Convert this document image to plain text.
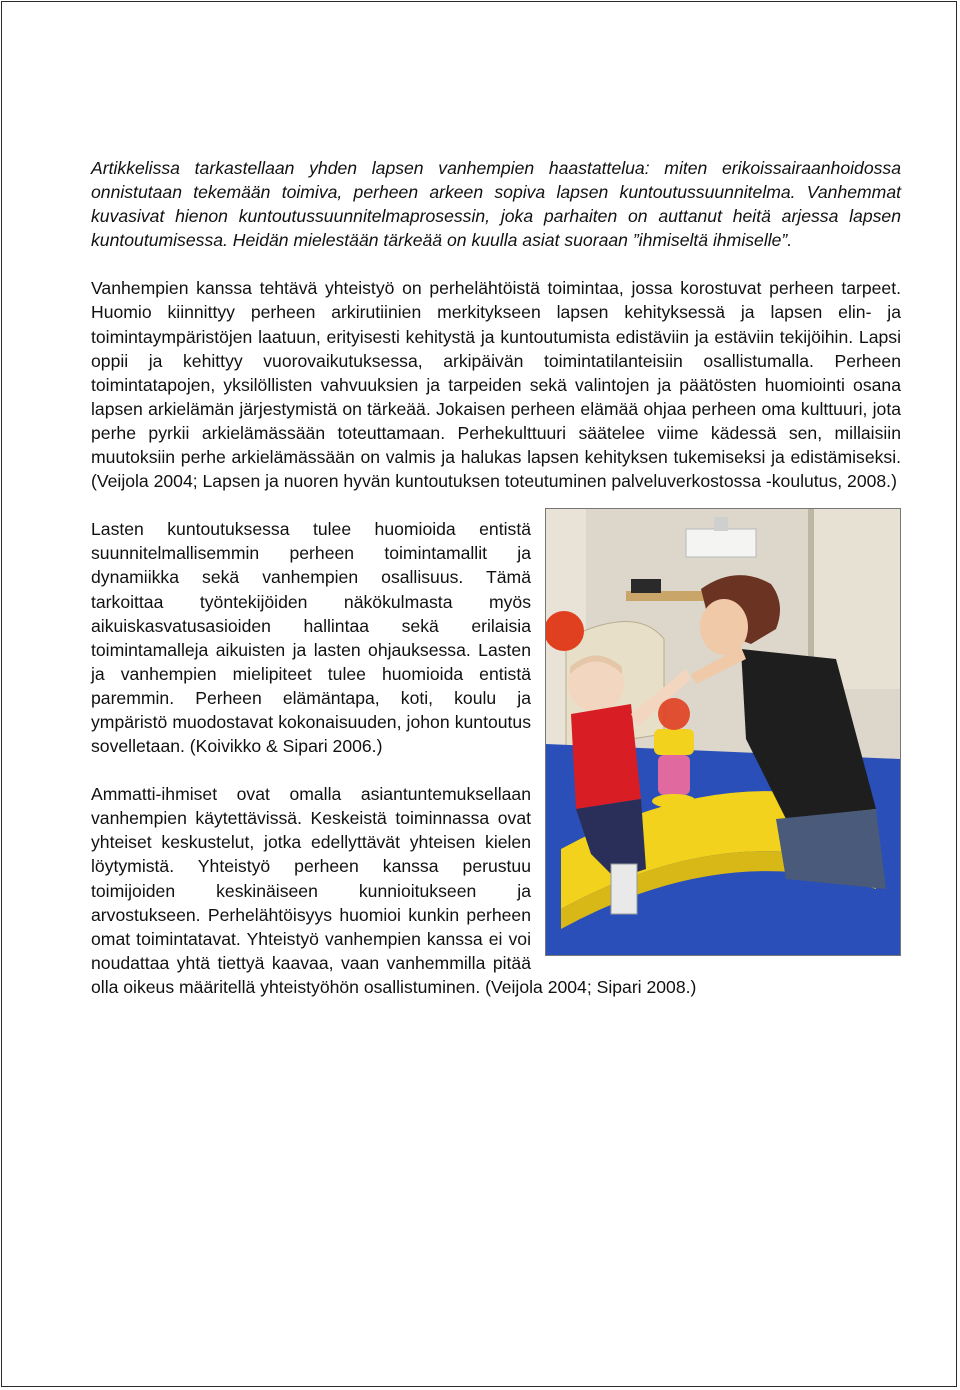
Artikkelissa tarkastellaan yhden lapsen vanhempien haastattelua: miten erikoissairaanhoidossa onnistutaan tekemään toimiva, perheen arkeen sopiva lapsen kuntoutussuunnitelma. Vanhemmat kuvasivat hienon kuntoutussuunnitelmaprosessin, joka parhaiten on auttanut heitä arjessa lapsen kuntoutumisessa. Heidän mielestään tärkeää on kuulla asiat suoraan ”ihmiseltä ihmiselle”.

Vanhempien kanssa tehtävä yhteistyö on perhelähtöistä toimintaa, jossa korostuvat perheen tarpeet. Huomio kiinnittyy perheen arkirutiinien merkitykseen lapsen kehityksessä ja lapsen elin- ja toimintaympäristöjen laatuun, erityisesti kehitystä ja kuntoutumista edistäviin ja estäviin tekijöihin. Lapsi oppii ja kehittyy vuorovaikutuksessa, arkipäivän toimintatilanteisiin osallistumalla. Perheen toimintatapojen, yksilöllisten vahvuuksien ja tarpeiden sekä valintojen ja päätösten huomiointi osana lapsen arkielämän järjestymistä on tärkeää. Jokaisen perheen elämää ohjaa perheen oma kulttuuri, jota perhe pyrkii arkielämässään toteuttamaan. Perhekulttuuri säätelee viime kädessä sen, millaisiin muutoksiin perhe arkielämässään on valmis ja halukas lapsen kehityksen tukemiseksi ja edistämiseksi. (Veijola 2004; Lapsen ja nuoren hyvän kuntoutuksen toteutuminen palveluverkostossa -koulutus, 2008.)

Lasten kuntoutuksessa tulee huomioida entistä suunnitelmallisemmin perheen toimintamallit ja dynamiikka sekä vanhempien osallisuus. Tämä tarkoittaa työntekijöiden näkökulmasta myös aikuiskasvatusasioiden hallintaa sekä erilaisia toimintamalleja aikuisten ja lasten ohjauksessa. Lasten ja vanhempien mielipiteet tulee huomioida entistä paremmin. Perheen elämäntapa, koti, koulu ja ympäristö muodostavat kokonaisuuden, johon kuntoutus sovelletaan. (Koivikko & Sipari 2006.)

Ammatti-ihmiset ovat omalla asiantuntemuksellaan vanhempien käytettävissä. Keskeistä toiminnassa ovat yhteiset keskustelut, jotka edellyttävät yhteisen kielen löytymistä. Yhteistyö perheen kanssa perustuu toimijoiden keskinäiseen kunnioitukseen ja arvostukseen. Perhelähtöisyys huomioi kunkin perheen omat toimintatavat. Yhteistyö vanhempien kanssa ei voi noudattaa yhtä tiettyä kaavaa, vaan vanhemmilla pitää olla oikeus määritellä yhteistyöhön osallistuminen. (Veijola 2004; Sipari 2008.)
